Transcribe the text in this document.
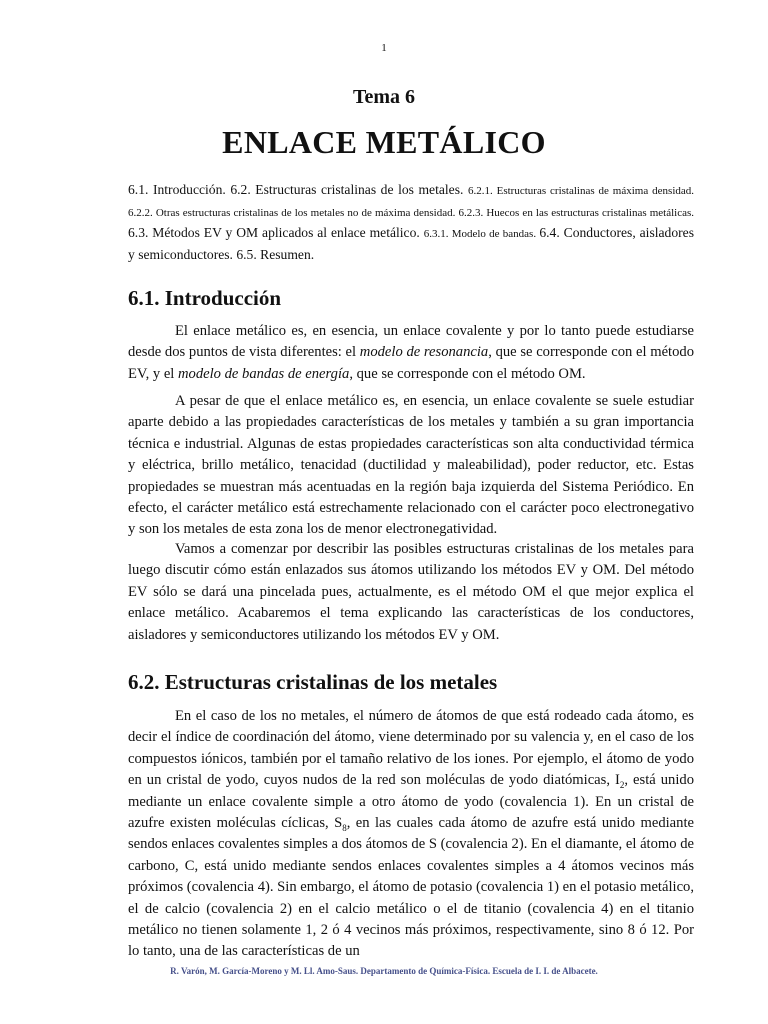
1
Tema 6
ENLACE METÁLICO
6.1. Introducción. 6.2. Estructuras cristalinas de los metales. 6.2.1. Estructuras cristalinas de máxima densidad. 6.2.2. Otras estructuras cristalinas de los metales no de máxima densidad. 6.2.3. Huecos en las estructuras cristalinas metálicas. 6.3. Métodos EV y OM aplicados al enlace metálico. 6.3.1. Modelo de bandas. 6.4. Conductores, aisladores y semiconductores. 6.5. Resumen.
6.1. Introducción

El enlace metálico es, en esencia, un enlace covalente y por lo tanto puede estudiarse desde dos puntos de vista diferentes: el modelo de resonancia, que se corresponde con el método EV, y el modelo de bandas de energía, que se corresponde con el método OM.

A pesar de que el enlace metálico es, en esencia, un enlace covalente se suele estudiar aparte debido a las propiedades características de los metales y también a su gran importancia técnica e industrial. Algunas de estas propiedades características son alta conductividad térmica y eléctrica, brillo metálico, tenacidad (ductilidad y maleabilidad), poder reductor, etc. Estas propiedades se muestran más acentuadas en la región baja izquierda del Sistema Periódico. En efecto, el carácter metálico está estrechamente relacionado con el carácter poco electronegativo y son los metales de esta zona los de menor electronegatividad.

Vamos a comenzar por describir las posibles estructuras cristalinas de los metales para luego discutir cómo están enlazados sus átomos utilizando los métodos EV y OM. Del método EV sólo se dará una pincelada pues, actualmente, es el método OM el que mejor explica el enlace metálico. Acabaremos el tema explicando las características de los conductores, aisladores y semiconductores utilizando los métodos EV y OM.

6.2. Estructuras cristalinas de los metales

En el caso de los no metales, el número de átomos de que está rodeado cada átomo, es decir el índice de coordinación del átomo, viene determinado por su valencia y, en el caso de los compuestos iónicos, también por el tamaño relativo de los iones. Por ejemplo, el átomo de yodo en un cristal de yodo, cuyos nudos de la red son moléculas de yodo diatómicas, $I_2$, está unido mediante un enlace covalente simple a otro átomo de yodo (covalencia 1). En un cristal de azufre existen moléculas cíclicas, $S_8$, en las cuales cada átomo de azufre está unido mediante sendos enlaces covalentes simples a dos átomos de S (covalencia 2). En el diamante, el átomo de carbono, C, está unido mediante sendos enlaces covalentes simples a 4 átomos vecinos más próximos (covalencia 4). Sin embargo, el átomo de potasio (covalencia 1) en el potasio metálico, el de calcio (covalencia 2) en el calcio metálico o el de titanio (covalencia 4) en el titanio metálico no tienen solamente 1, 2 ó 4 vecinos más próximos, respectivamente, sino 8 ó 12. Por lo tanto, una de las características de un

R. Varón, M. García-Moreno y M. Ll. Amo-Saus. Departamento de Química-Física. Escuela de I. I. de Albacete.
